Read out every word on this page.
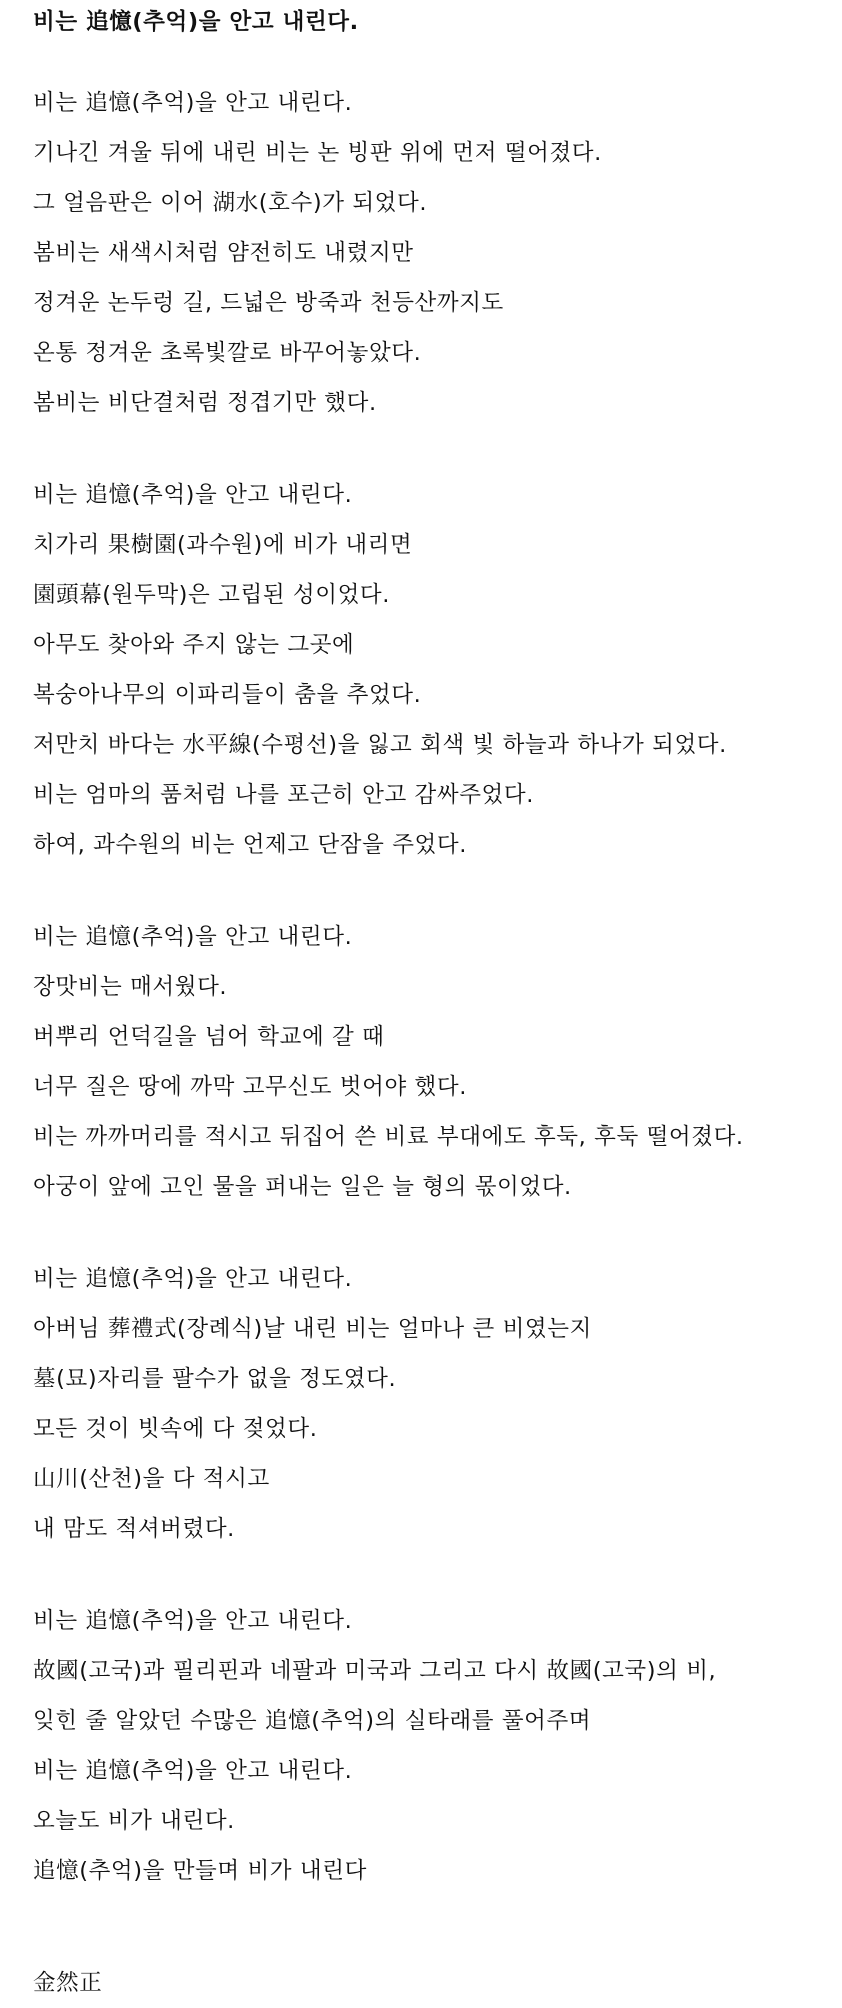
비는 追憶(추억)을 안고 내린다.
비는 追憶(추억)을 안고 내린다.
기나긴 겨울 뒤에 내린 비는 논 빙판 위에 먼저 떨어졌다.
그 얼음판은 이어 湖水(호수)가 되었다.
봄비는 새색시처럼 얌전히도 내렸지만
정겨운 논두렁 길, 드넓은 방죽과 천등산까지도
온통 정겨운 초록빛깔로 바꾸어놓았다.
봄비는 비단결처럼 정겹기만 했다.
비는 追憶(추억)을 안고 내린다.
치가리 果樹園(과수원)에 비가 내리면
園頭幕(원두막)은 고립된 성이었다.
아무도 찾아와 주지 않는 그곳에
복숭아나무의 이파리들이 춤을 추었다.
저만치 바다는 水平線(수평선)을 잃고 회색 빛 하늘과 하나가 되었다.
비는 엄마의 품처럼 나를 포근히 안고 감싸주었다.
하여, 과수원의 비는 언제고 단잠을 주었다.
비는 追憶(추억)을 안고 내린다.
장맛비는 매서웠다.
버뿌리 언덕길을 넘어 학교에 갈 때
너무 질은 땅에 까막 고무신도 벗어야 했다.
비는 까까머리를 적시고 뒤집어 쓴 비료 부대에도 후둑, 후둑 떨어졌다.
아궁이 앞에 고인 물을 퍼내는 일은 늘 형의 몫이었다.
비는 追憶(추억)을 안고 내린다.
아버님 葬禮式(장례식)날 내린 비는 얼마나 큰 비였는지
墓(묘)자리를 팔수가 없을 정도였다.
모든 것이 빗속에 다 젖었다.
山川(산천)을 다 적시고
내 맘도 적셔버렸다.
비는 追憶(추억)을 안고 내린다.
故國(고국)과 필리핀과 네팔과 미국과 그리고 다시 故國(고국)의 비,
잊힌 줄 알았던 수많은 追憶(추억)의 실타래를 풀어주며
비는 追憶(추억)을 안고 내린다.
오늘도 비가 내린다.
追憶(추억)을 만들며 비가 내린다
金然正
